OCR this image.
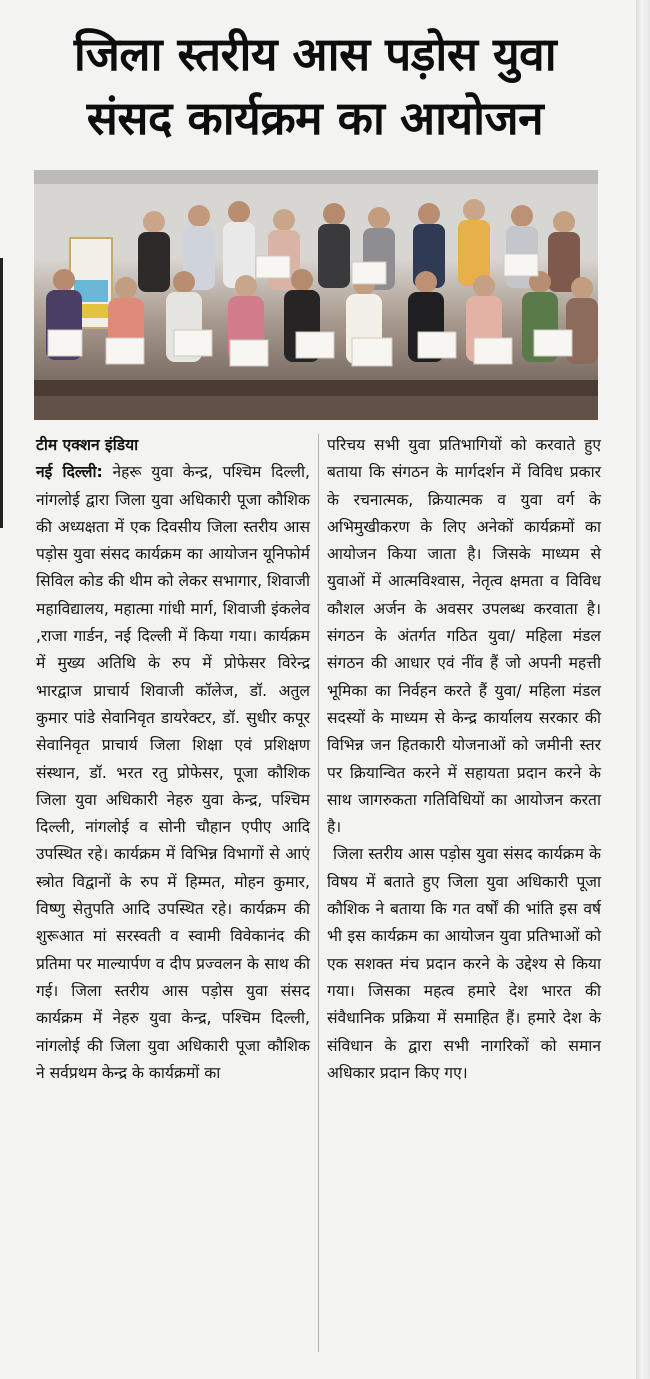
जिला स्तरीय आस पड़ोस युवा
संसद कार्यक्रम का आयोजन
टीम एक्शन इंडिया

नई दिल्ली: नेहरू युवा केन्द्र, पश्चिम दिल्ली, नांगलोई द्वारा जिला युवा अधिकारी पूजा कौशिक की अध्यक्षता में एक दिवसीय जिला स्तरीय आस पड़ोस युवा संसद कार्यक्रम का आयोजन यूनिफोर्म सिविल कोड की थीम को लेकर सभागार, शिवाजी महाविद्यालय, महात्मा गांधी मार्ग, शिवाजी इंकलेव ,राजा गार्डन, नई दिल्ली में किया गया। कार्यक्रम में मुख्य अतिथि के रुप में प्रोफेसर विरेन्द्र भारद्वाज प्राचार्य शिवाजी कॉलेज, डॉ. अतुल कुमार पांडे सेवानिवृत डायरेक्टर, डॉ. सुधीर कपूर सेवानिवृत प्राचार्य जिला शिक्षा एवं प्रशिक्षण संस्थान, डॉ. भरत रतु प्रोफेसर, पूजा कौशिक जिला युवा अधिकारी नेहरु युवा केन्द्र, पश्चिम दिल्ली, नांगलोई व सोनी चौहान एपीए आदि उपस्थित रहे। कार्यक्रम में विभिन्न विभागों से आएं स्त्रोत विद्वानों के रुप में हिम्मत, मोहन कुमार, विष्णु सेतुपति आदि उपस्थित रहे। कार्यक्रम की शुरूआत मां सरस्वती व स्वामी विवेकानंद की प्रतिमा पर माल्यार्पण व दीप प्रज्वलन के साथ की गई। जिला स्तरीय आस पड़ोस युवा संसद कार्यक्रम में नेहरु युवा केन्द्र, पश्चिम दिल्ली, नांगलोई की जिला युवा अधिकारी पूजा कौशिक ने सर्वप्रथम केन्द्र के कार्यक्रमों का

परिचय सभी युवा प्रतिभागियों को करवाते हुए बताया कि संगठन के मार्गदर्शन में विविध प्रकार के रचनात्मक, क्रियात्मक व युवा वर्ग के अभिमुखीकरण के लिए अनेकों कार्यक्रमों का आयोजन किया जाता है। जिसके माध्यम से युवाओं में आत्मविश्वास, नेतृत्व क्षमता व विविध कौशल अर्जन के अवसर उपलब्ध करवाता है। संगठन के अंतर्गत गठित युवा/ महिला मंडल संगठन की आधार एवं नींव हैं जो अपनी महत्ती भूमिका का निर्वहन करते हैं युवा/ महिला मंडल सदस्यों के माध्यम से केन्द्र कार्यालय सरकार की विभिन्न जन हितकारी योजनाओं को जमीनी स्तर पर क्रियान्वित करने में सहायता प्रदान करने के साथ जागरुकता गतिविधियों का आयोजन करता है।

जिला स्तरीय आस पड़ोस युवा संसद कार्यक्रम के विषय में बताते हुए जिला युवा अधिकारी पूजा कौशिक ने बताया कि गत वर्षों की भांति इस वर्ष भी इस कार्यक्रम का आयोजन युवा प्रतिभाओं को एक सशक्त मंच प्रदान करने के उद्देश्य से किया गया। जिसका महत्व हमारे देश भारत की संवैधानिक प्रक्रिया में समाहित हैं। हमारे देश के संविधान के द्वारा सभी नागरिकों को समान अधिकार प्रदान किए गए।
